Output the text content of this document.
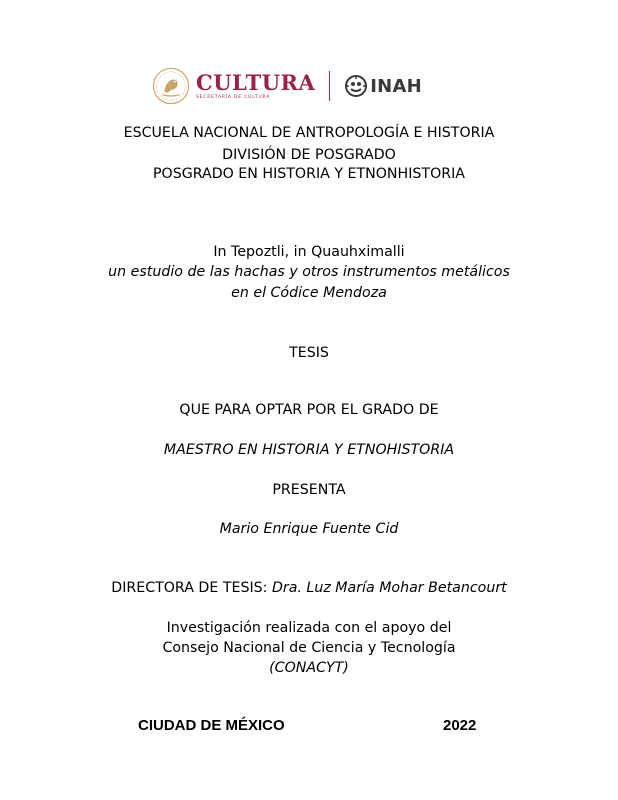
CULTURA
SECRETARÍA DE CULTURA
INAH
ESCUELA NACIONAL DE ANTROPOLOGÍA E HISTORIA
DIVISIÓN DE POSGRADO
POSGRADO EN HISTORIA Y ETNONHISTORIA
In Tepoztli, in Quauhximalli
un estudio de las hachas y otros instrumentos metálicos
en el Códice Mendoza
TESIS
QUE PARA OPTAR POR EL GRADO DE
MAESTRO EN HISTORIA Y ETNOHISTORIA
PRESENTA
Mario Enrique Fuente Cid
DIRECTORA DE TESIS: Dra. Luz María Mohar Betancourt
Investigación realizada con el apoyo del
Consejo Nacional de Ciencia y Tecnología
(CONACYT)
CIUDAD DE MÉXICO	2022
